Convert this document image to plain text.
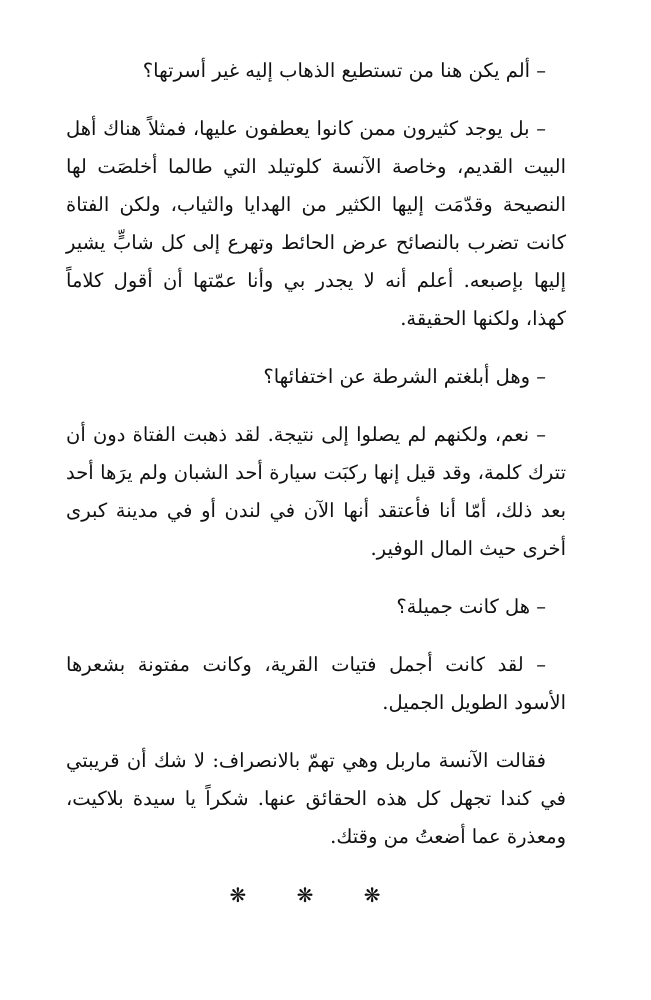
– ألم يكن هنا من تستطيع الذهاب إليه غير أسرتها؟

– بل يوجد كثيرون ممن كانوا يعطفون عليها، فمثلاً هناك أهل البيت القديم، وخاصة الآنسة كلوتيلد التي طالما أخلصَت لها النصيحة وقدّمَت إليها الكثير من الهدايا والثياب، ولكن الفتاة كانت تضرب بالنصائح عرض الحائط وتهرع إلى كل شابٍّ يشير إليها بإصبعه. أعلم أنه لا يجدر بي وأنا عمّتها أن أقول كلاماً كهذا، ولكنها الحقيقة.

– وهل أبلغتم الشرطة عن اختفائها؟

– نعم، ولكنهم لم يصلوا إلى نتيجة. لقد ذهبت الفتاة دون أن تترك كلمة، وقد قيل إنها ركبَت سيارة أحد الشبان ولم يرَها أحد بعد ذلك، أمّا أنا فأعتقد أنها الآن في لندن أو في مدينة كبرى أخرى حيث المال الوفير.

– هل كانت جميلة؟

– لقد كانت أجمل فتيات القرية، وكانت مفتونة بشعرها الأسود الطويل الجميل.

فقالت الآنسة ماربل وهي تهمّ بالانصراف: لا شك أن قريبتي في كندا تجهل كل هذه الحقائق عنها. شكراً يا سيدة بلاكيت، ومعذرة عما أضعتُ من وقتك.

❋ ❋ ❋
